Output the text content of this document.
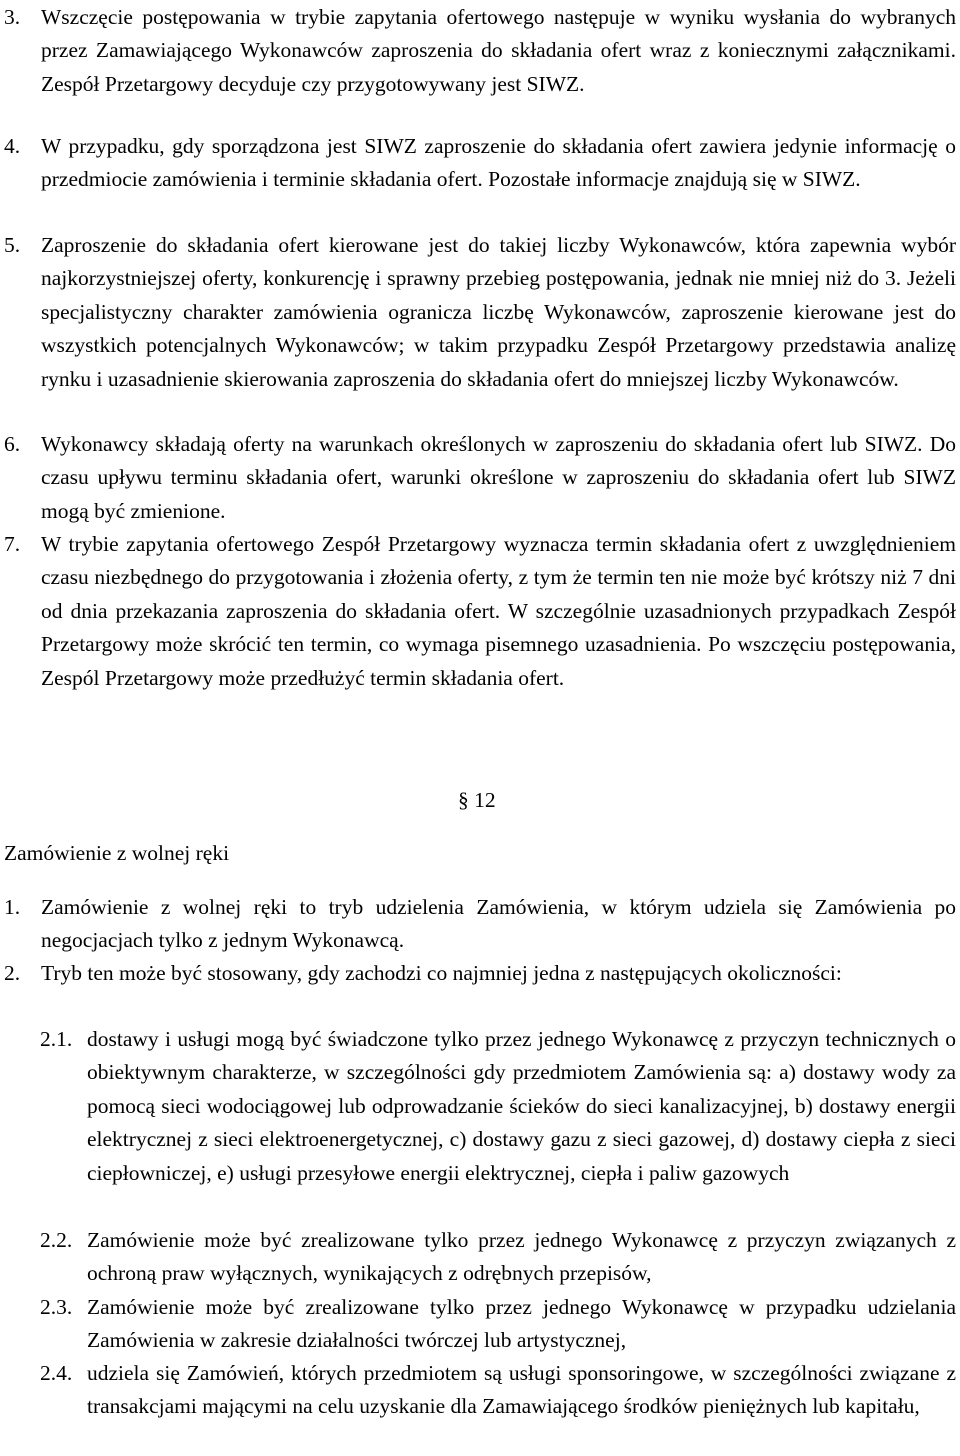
3. Wszczęcie postępowania w trybie zapytania ofertowego następuje w wyniku wysłania do wybranych przez Zamawiającego Wykonawców zaproszenia do składania ofert wraz z koniecznymi załącznikami. Zespół Przetargowy decyduje czy przygotowywany jest SIWZ.
4. W przypadku, gdy sporządzona jest SIWZ zaproszenie do składania ofert zawiera jedynie informację o przedmiocie zamówienia i terminie składania ofert. Pozostałe informacje znajdują się w SIWZ.
5. Zaproszenie do składania ofert kierowane jest do takiej liczby Wykonawców, która zapewnia wybór najkorzystniejszej oferty, konkurencję i sprawny przebieg postępowania, jednak nie mniej niż do 3. Jeżeli specjalistyczny charakter zamówienia ogranicza liczbę Wykonawców, zaproszenie kierowane jest do wszystkich potencjalnych Wykonawców; w takim przypadku Zespół Przetargowy przedstawia analizę rynku i uzasadnienie skierowania zaproszenia do składania ofert do mniejszej liczby Wykonawców.
6. Wykonawcy składają oferty na warunkach określonych w zaproszeniu do składania ofert lub SIWZ. Do czasu upływu terminu składania ofert, warunki określone w zaproszeniu do składania ofert lub SIWZ mogą być zmienione.
7. W trybie zapytania ofertowego Zespół Przetargowy wyznacza termin składania ofert z uwzględnieniem czasu niezbędnego do przygotowania i złożenia oferty, z tym że termin ten nie może być krótszy niż 7 dni od dnia przekazania zaproszenia do składania ofert. W szczególnie uzasadnionych przypadkach Zespół Przetargowy może skrócić ten termin, co wymaga pisemnego uzasadnienia. Po wszczęciu postępowania, Zespól Przetargowy może przedłużyć termin składania ofert.
§ 12
Zamówienie z wolnej ręki
1. Zamówienie z wolnej ręki to tryb udzielenia Zamówienia, w którym udziela się Zamówienia po negocjacjach tylko z jednym Wykonawcą.
2. Tryb ten może być stosowany, gdy zachodzi co najmniej jedna z następujących okoliczności:
2.1. dostawy i usługi mogą być świadczone tylko przez jednego Wykonawcę z przyczyn technicznych o obiektywnym charakterze, w szczególności gdy przedmiotem Zamówienia są: a) dostawy wody za pomocą sieci wodociągowej lub odprowadzanie ścieków do sieci kanalizacyjnej, b) dostawy energii elektrycznej z sieci elektroenergetycznej, c) dostawy gazu z sieci gazowej, d) dostawy ciepła z sieci ciepłowniczej, e) usługi przesyłowe energii elektrycznej, ciepła i paliw gazowych
2.2. Zamówienie może być zrealizowane tylko przez jednego Wykonawcę z przyczyn związanych z ochroną praw wyłącznych, wynikających z odrębnych przepisów,
2.3. Zamówienie może być zrealizowane tylko przez jednego Wykonawcę w przypadku udzielania Zamówienia w zakresie działalności twórczej lub artystycznej,
2.4. udziela się Zamówień, których przedmiotem są usługi sponsoringowe, w szczególności związane z transakcjami mającymi na celu uzyskanie dla Zamawiającego środków pieniężnych lub kapitału,
